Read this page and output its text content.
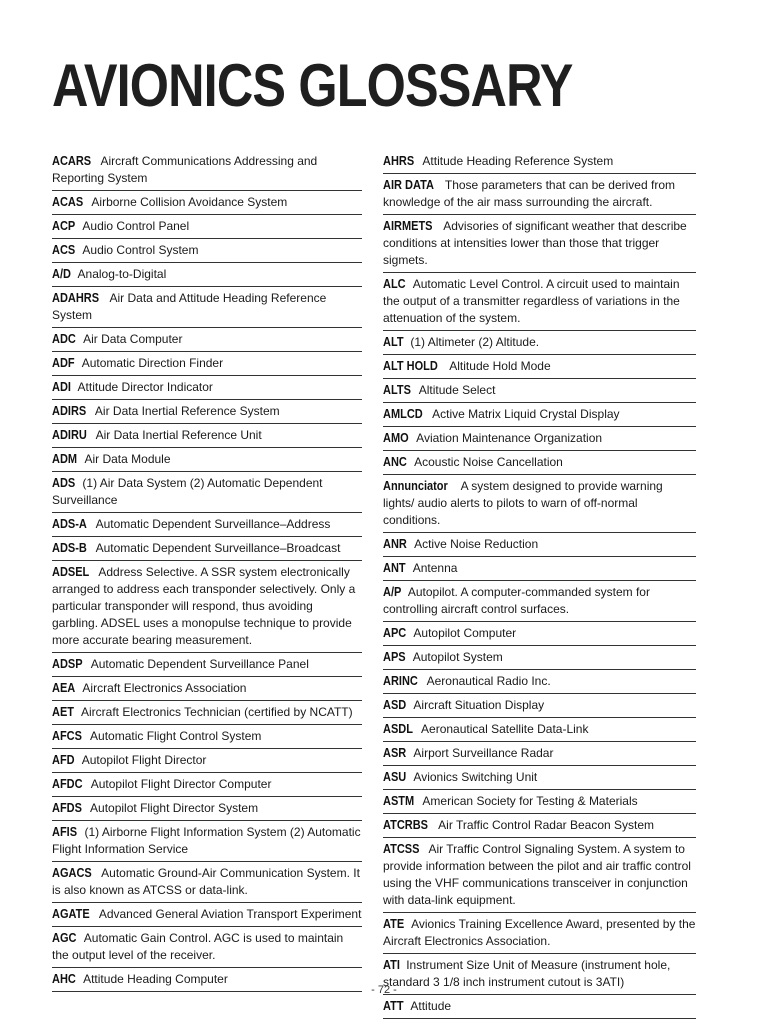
AVIONICS GLOSSARY
ACARS Aircraft Communications Addressing and Reporting System
ACAS Airborne Collision Avoidance System
ACP Audio Control Panel
ACS Audio Control System
A/D Analog-to-Digital
ADAHRS Air Data and Attitude Heading Reference System
ADC Air Data Computer
ADF Automatic Direction Finder
ADI Attitude Director Indicator
ADIRS Air Data Inertial Reference System
ADIRU Air Data Inertial Reference Unit
ADM Air Data Module
ADS (1) Air Data System (2) Automatic Dependent Surveillance
ADS-A Automatic Dependent Surveillance–Address
ADS-B Automatic Dependent Surveillance–Broadcast
ADSEL Address Selective. A SSR system electronically arranged to address each transponder selectively. Only a particular transponder will respond, thus avoiding garbling. ADSEL uses a monopulse technique to provide more accurate bearing measurement.
ADSP Automatic Dependent Surveillance Panel
AEA Aircraft Electronics Association
AET Aircraft Electronics Technician (certified by NCATT)
AFCS Automatic Flight Control System
AFD Autopilot Flight Director
AFDC Autopilot Flight Director Computer
AFDS Autopilot Flight Director System
AFIS (1) Airborne Flight Information System (2) Automatic Flight Information Service
AGACS Automatic Ground-Air Communication System. It is also known as ATCSS or data-link.
AGATE Advanced General Aviation Transport Experiment
AGC Automatic Gain Control. AGC is used to maintain the output level of the receiver.
AHC Attitude Heading Computer
AHRS Attitude Heading Reference System
AIR DATA Those parameters that can be derived from knowledge of the air mass surrounding the aircraft.
AIRMETS Advisories of significant weather that describe conditions at intensities lower than those that trigger sigmets.
ALC Automatic Level Control. A circuit used to maintain the output of a transmitter regardless of variations in the attenuation of the system.
ALT (1) Altimeter (2) Altitude.
ALT HOLD Altitude Hold Mode
ALTS Altitude Select
AMLCD Active Matrix Liquid Crystal Display
AMO Aviation Maintenance Organization
ANC Acoustic Noise Cancellation
Annunciator A system designed to provide warning lights/ audio alerts to pilots to warn of off-normal conditions.
ANR Active Noise Reduction
ANT Antenna
A/P Autopilot. A computer-commanded system for controlling aircraft control surfaces.
APC Autopilot Computer
APS Autopilot System
ARINC Aeronautical Radio Inc.
ASD Aircraft Situation Display
ASDL Aeronautical Satellite Data-Link
ASR Airport Surveillance Radar
ASU Avionics Switching Unit
ASTM American Society for Testing & Materials
ATCRBS Air Traffic Control Radar Beacon System
ATCSS Air Traffic Control Signaling System. A system to provide information between the pilot and air traffic control using the VHF communications transceiver in conjunction with data-link equipment.
ATE Avionics Training Excellence Award, presented by the Aircraft Electronics Association.
ATI Instrument Size Unit of Measure (instrument hole, standard 3 1/8 inch instrument cutout is 3ATI)
ATT Attitude
- 72 -
